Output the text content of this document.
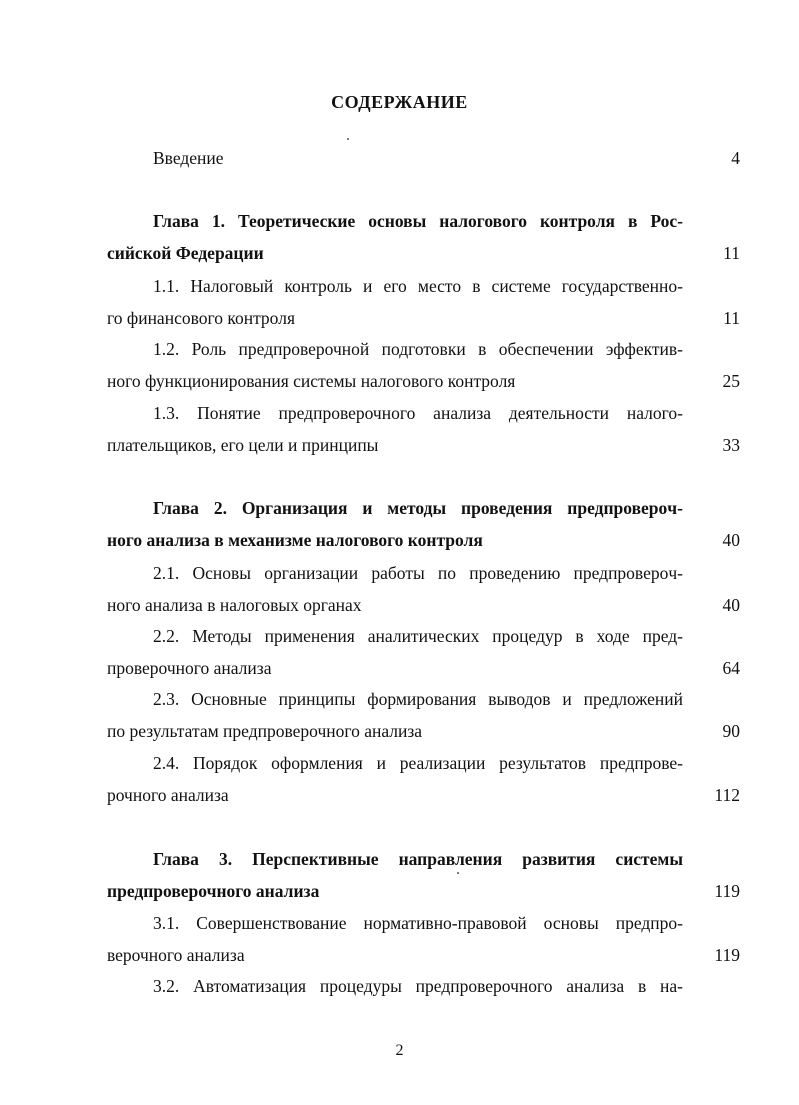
СОДЕРЖАНИЕ
Введение	4
Глава 1. Теоретические основы налогового контроля в Рос-
сийской Федерации	11
1.1. Налоговый контроль и его место в системе государственно-
го финансового контроля	11
1.2. Роль предпроверочной подготовки в обеспечении эффектив-
ного функционирования системы налогового контроля	25
1.3. Понятие предпроверочного анализа деятельности налого-
плательщиков, его цели и принципы	33
Глава 2. Организация и методы проведения предпроверoч-
ного анализа в механизме налогового контроля	40
2.1. Основы организации работы по проведению предпроверoч-
ного анализа в налоговых органах	40
2.2. Методы применения аналитических процедур в ходе пред-
проверочного анализа	64
2.3. Основные принципы формирования выводов и предложений
по результатам предпроверочного анализа	90
2.4. Порядок оформления и реализации результатов предпрове-
рочного анализа	112
Глава 3. Перспективные направления развития системы
предпроверочного анализа	119
3.1. Совершенствование нормативно-правовой основы предпро-
верочного анализа	119
3.2. Автоматизация процедуры предпроверочного анализа в на-
2
